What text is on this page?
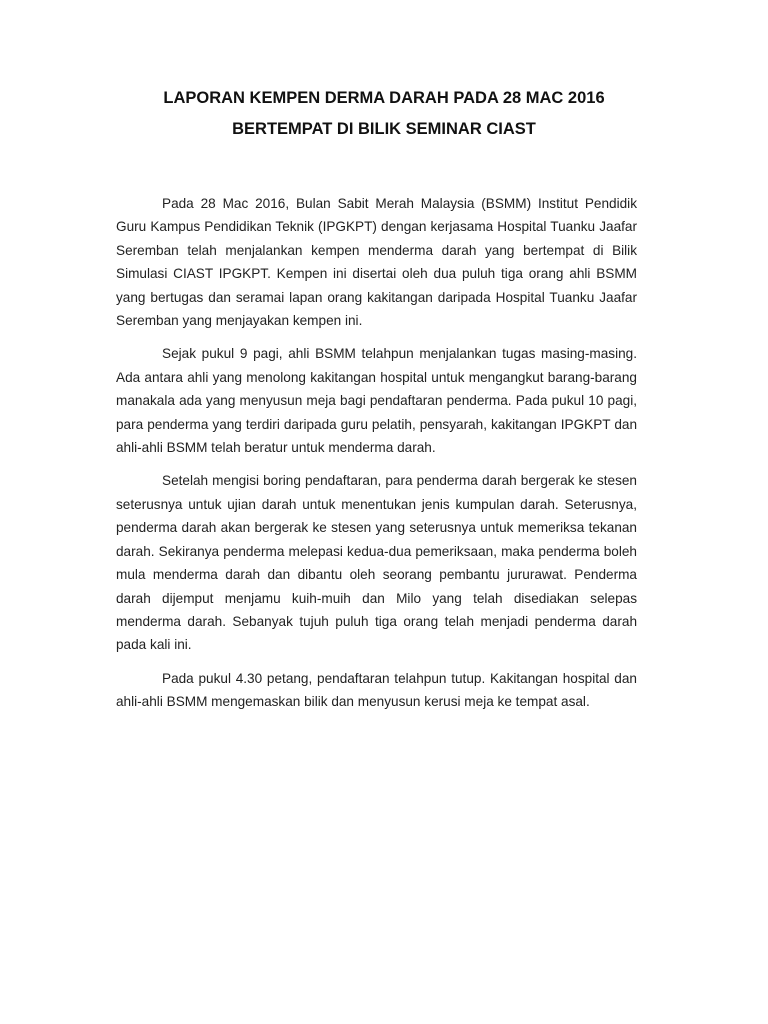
LAPORAN KEMPEN DERMA DARAH PADA 28 MAC 2016

BERTEMPAT DI BILIK SEMINAR CIAST

Pada 28 Mac 2016, Bulan Sabit Merah Malaysia (BSMM) Institut Pendidik Guru Kampus Pendidikan Teknik (IPGKPT) dengan kerjasama Hospital Tuanku Jaafar Seremban telah menjalankan kempen menderma darah yang bertempat di Bilik Simulasi CIAST IPGKPT. Kempen ini disertai oleh dua puluh tiga orang ahli BSMM yang bertugas dan seramai lapan orang kakitangan daripada Hospital Tuanku Jaafar Seremban yang menjayakan kempen ini.

Sejak pukul 9 pagi, ahli BSMM telahpun menjalankan tugas masing-masing. Ada antara ahli yang menolong kakitangan hospital untuk mengangkut barang-barang manakala ada yang menyusun meja bagi pendaftaran penderma. Pada pukul 10 pagi, para penderma yang terdiri daripada guru pelatih, pensyarah, kakitangan IPGKPT dan ahli-ahli BSMM telah beratur untuk menderma darah.

Setelah mengisi boring pendaftaran, para penderma darah bergerak ke stesen seterusnya untuk ujian darah untuk menentukan jenis kumpulan darah. Seterusnya, penderma darah akan bergerak ke stesen yang seterusnya untuk memeriksa tekanan darah. Sekiranya penderma melepasi kedua-dua pemeriksaan, maka penderma boleh mula menderma darah dan dibantu oleh seorang pembantu jururawat. Penderma darah dijemput menjamu kuih-muih dan Milo yang telah disediakan selepas menderma darah. Sebanyak tujuh puluh tiga orang telah menjadi penderma darah pada kali ini.

Pada pukul 4.30 petang, pendaftaran telahpun tutup. Kakitangan hospital dan ahli-ahli BSMM mengemaskan bilik dan menyusun kerusi meja ke tempat asal.
